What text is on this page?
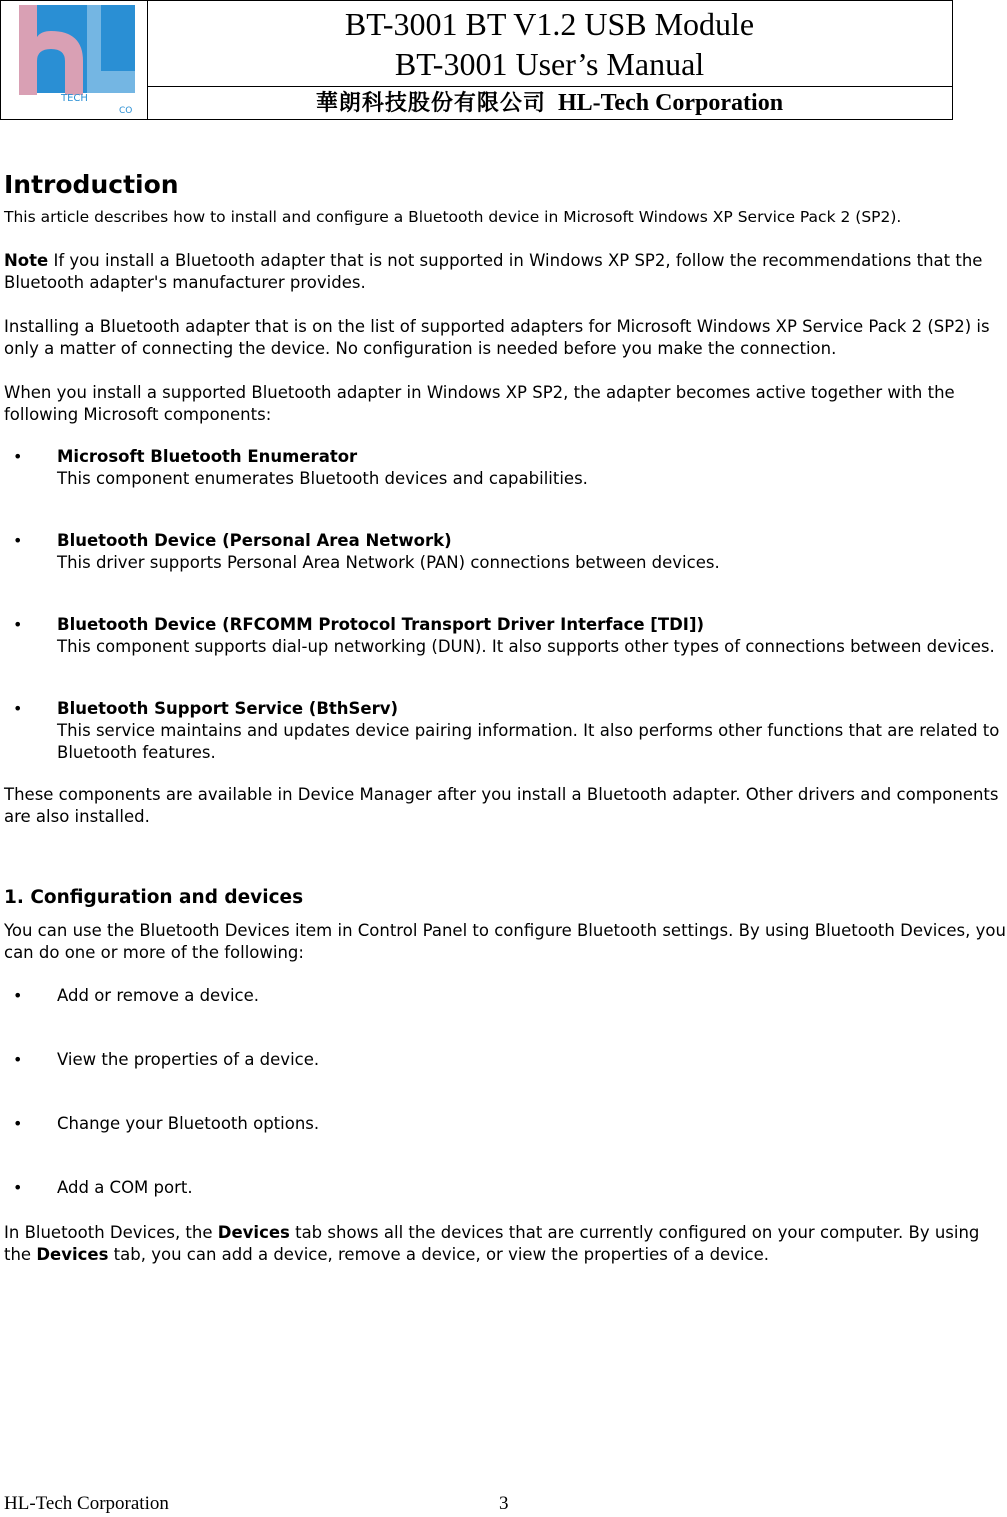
TECH
CO
BT-3001 BT V1.2 USB Module
BT-3001 User’s Manual
華朗科技股份有限公司 HL-Tech Corporation
Introduction

This article describes how to install and configure a Bluetooth device in Microsoft Windows XP Service Pack 2 (SP2).

Note If you install a Bluetooth adapter that is not supported in Windows XP SP2, follow the recommendations that the Bluetooth adapter's manufacturer provides.

Installing a Bluetooth adapter that is on the list of supported adapters for Microsoft Windows XP Service Pack 2 (SP2) is only a matter of connecting the device. No configuration is needed before you make the connection.

When you install a supported Bluetooth adapter in Windows XP SP2, the adapter becomes active together with the following Microsoft components:

• Microsoft Bluetooth Enumerator
This component enumerates Bluetooth devices and capabilities.
• Bluetooth Device (Personal Area Network)
This driver supports Personal Area Network (PAN) connections between devices.
• Bluetooth Device (RFCOMM Protocol Transport Driver Interface [TDI])
This component supports dial-up networking (DUN). It also supports other types of connections between devices.
• Bluetooth Support Service (BthServ)
This service maintains and updates device pairing information. It also performs other functions that are related to Bluetooth features.

These components are available in Device Manager after you install a Bluetooth adapter. Other drivers and components are also installed.

1. Configuration and devices

You can use the Bluetooth Devices item in Control Panel to configure Bluetooth settings. By using Bluetooth Devices, you can do one or more of the following:

• Add or remove a device.
• View the properties of a device.
• Change your Bluetooth options.
• Add a COM port.

In Bluetooth Devices, the Devices tab shows all the devices that are currently configured on your computer. By using the Devices tab, you can add a device, remove a device, or view the properties of a device.

HL-Tech Corporation	3
